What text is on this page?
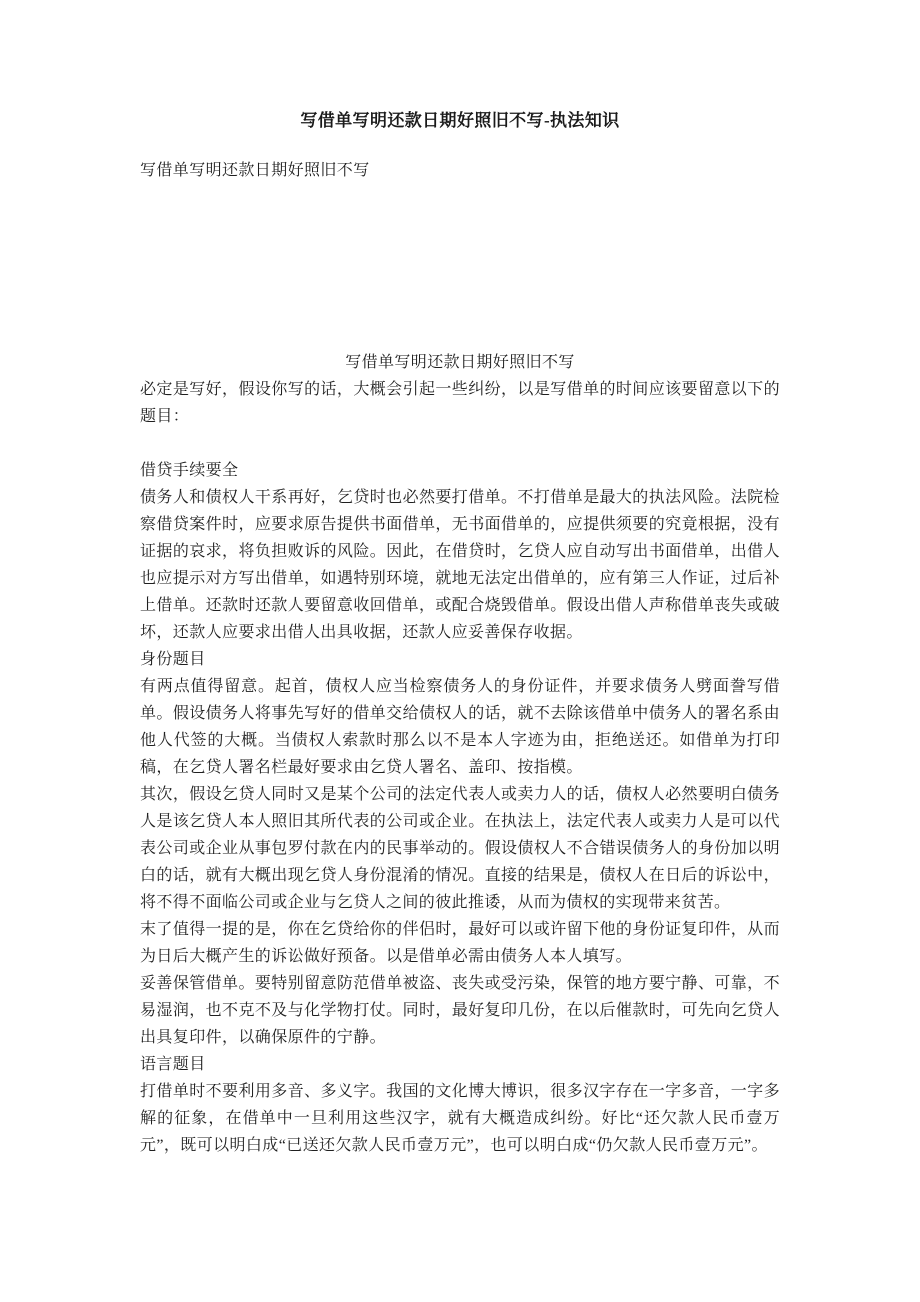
写借单写明还款日期好照旧不写-执法知识
写借单写明还款日期好照旧不写
写借单写明还款日期好照旧不写

必定是写好，假设你写的话，大概会引起一些纠纷，以是写借单的时间应该要留意以下的题目：

借贷手续要全

债务人和债权人干系再好，乞贷时也必然要打借单。不打借单是最大的执法风险。法院检察借贷案件时，应要求原告提供书面借单，无书面借单的，应提供须要的究竟根据，没有证据的哀求，将负担败诉的风险。因此，在借贷时，乞贷人应自动写出书面借单，出借人也应提示对方写出借单，如遇特别环境，就地无法定出借单的，应有第三人作证，过后补上借单。还款时还款人要留意收回借单，或配合烧毁借单。假设出借人声称借单丧失或破坏，还款人应要求出借人出具收据，还款人应妥善保存收据。

身份题目

有两点值得留意。起首，债权人应当检察债务人的身份证件，并要求债务人劈面誊写借单。假设债务人将事先写好的借单交给债权人的话，就不去除该借单中债务人的署名系由他人代签的大概。当债权人索款时那么以不是本人字迹为由，拒绝送还。如借单为打印稿，在乞贷人署名栏最好要求由乞贷人署名、盖印、按指模。

其次，假设乞贷人同时又是某个公司的法定代表人或卖力人的话，债权人必然要明白债务人是该乞贷人本人照旧其所代表的公司或企业。在执法上，法定代表人或卖力人是可以代表公司或企业从事包罗付款在内的民事举动的。假设债权人不合错误债务人的身份加以明白的话，就有大概出现乞贷人身份混淆的情况。直接的结果是，债权人在日后的诉讼中，将不得不面临公司或企业与乞贷人之间的彼此推诿，从而为债权的实现带来贫苦。

末了值得一提的是，你在乞贷给你的伴侣时，最好可以或许留下他的身份证复印件，从而为日后大概产生的诉讼做好预备。以是借单必需由债务人本人填写。

妥善保管借单。要特别留意防范借单被盗、丧失或受污染，保管的地方要宁静、可靠，不易湿润，也不克不及与化学物打仗。同时，最好复印几份，在以后催款时，可先向乞贷人出具复印件，以确保原件的宁静。

语言题目

打借单时不要利用多音、多义字。我国的文化博大博识，很多汉字存在一字多音，一字多解的征象，在借单中一旦利用这些汉字，就有大概造成纠纷。好比“还欠款人民币壹万元”，既可以明白成“已送还欠款人民币壹万元”，也可以明白成“仍欠款人民币壹万元”。
